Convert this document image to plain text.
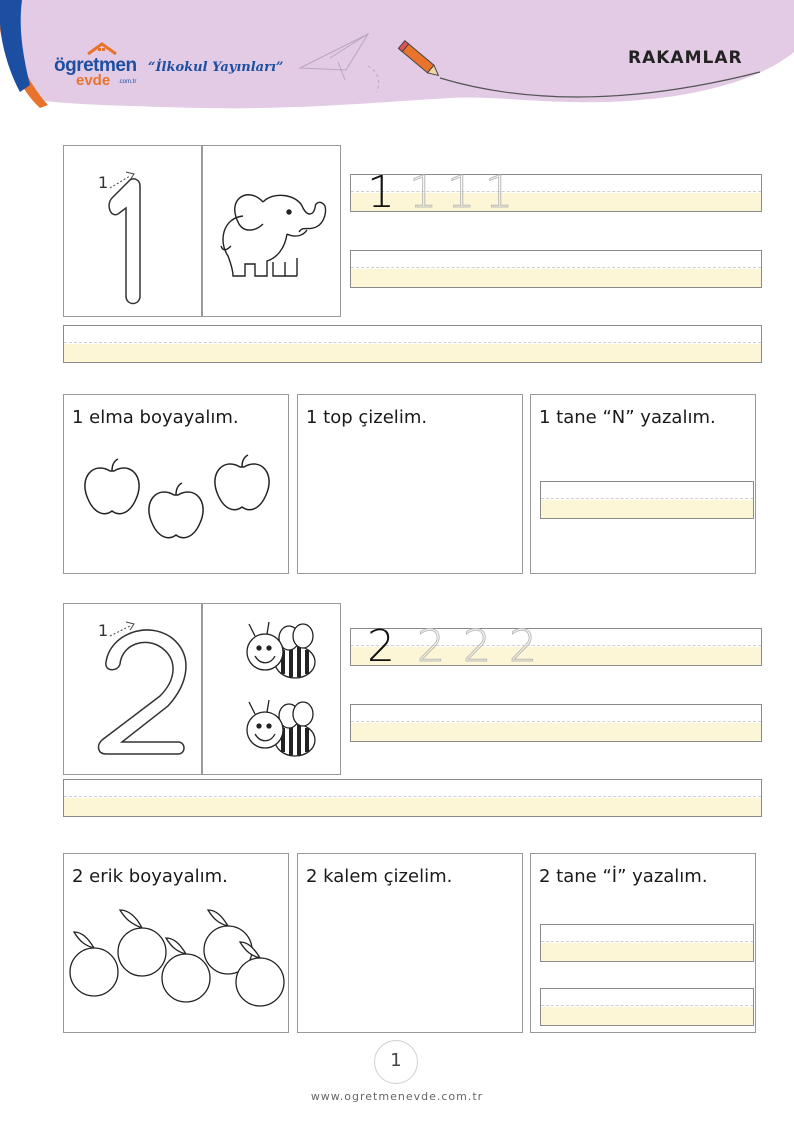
ögretmen
evde .com.tr
“İlkokul Yayınları”	RAKAMLAR
1	1 1 1 1
1 elma boyayalım.	1 top çizelim.	1 tane “N” yazalım.
1	2 2 2 2
2 erik boyayalım.	2 kalem çizelim.	2 tane “İ” yazalım.
1
www.ogretmenevde.com.tr
